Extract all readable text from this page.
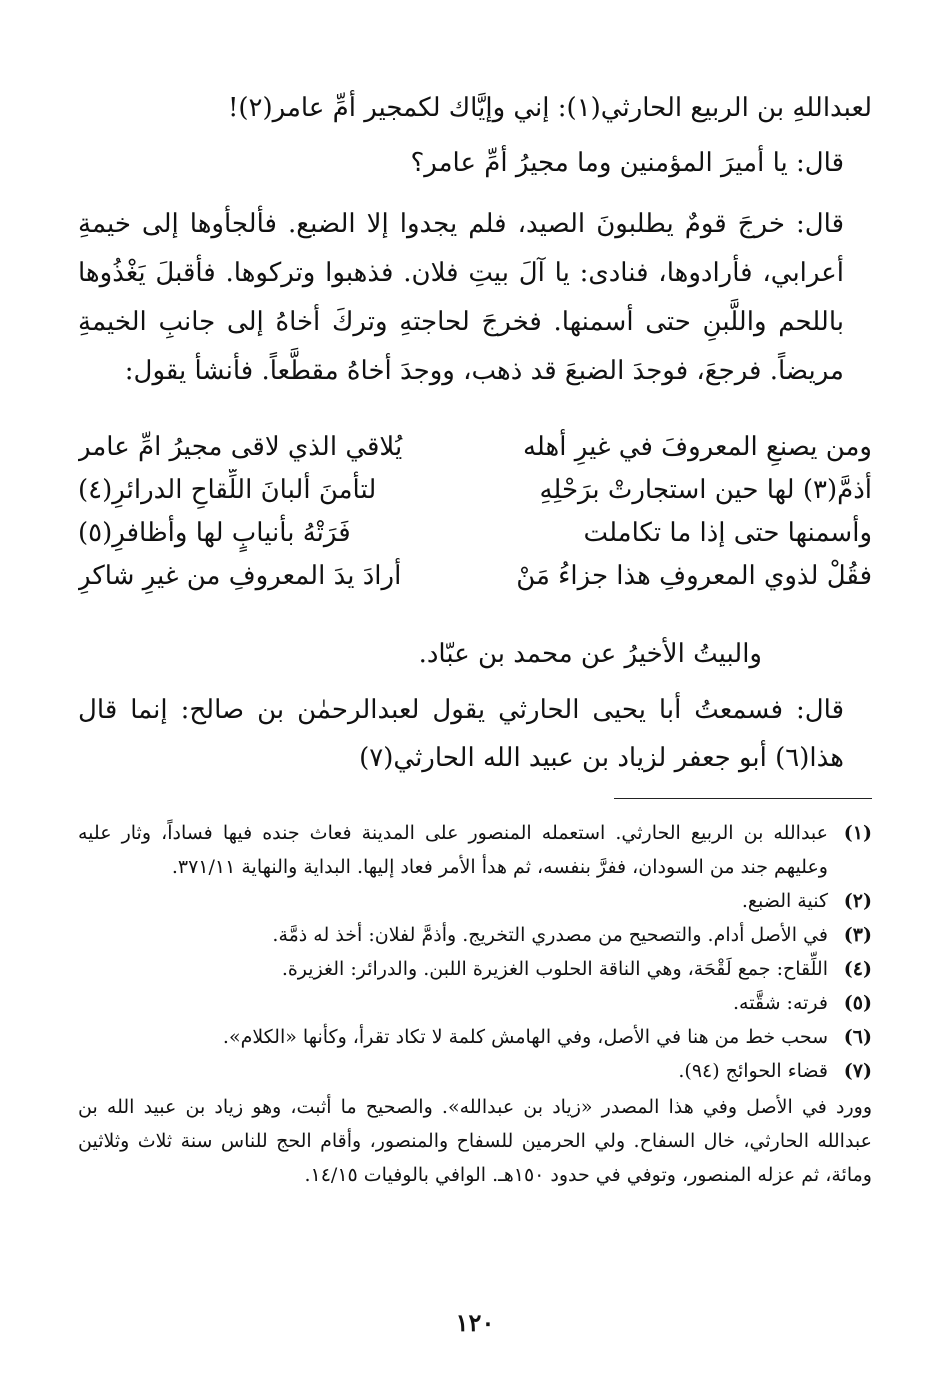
لعبداللهِ بن الربيع الحارثي(١): إني وإيَّاك لكمجير أمِّ عامر(٢)!

قال: يا أميرَ المؤمنين وما مجيرُ أمِّ عامر؟

قال: خرجَ قومٌ يطلبونَ الصيد، فلم يجدوا إلا الضبع. فألجأوها إلى خيمةِ أعرابي، فأرادوها، فنادى: يا آلَ بيتِ فلان. فذهبوا وتركوها. فأقبلَ يَغْذُوها باللحم واللَّبنِ حتى أسمنها. فخرجَ لحاجتهِ وتركَ أخاهُ إلى جانبِ الخيمةِ مريضاً. فرجعَ، فوجدَ الضبعَ قد ذهب، ووجدَ أخاهُ مقطَّعاً. فأنشأ يقول:

ومن يصنعِ المعروفَ في غيرِ أهله
يُلاقي الذي لاقى مجيرُ امِّ عامر
أذمَّ(٣) لها حين استجارتْ برَحْلِهِ
لتأمنَ ألبانَ اللِّقاحِ الدرائرِ(٤)
وأسمنها حتى إذا ما تكاملت
فَرَتْهُ بأنيابٍ لها وأظافرِ(٥)
فقُلْ لذوي المعروفِ هذا جزاءُ مَنْ
أرادَ يدَ المعروفِ من غيرِ شاكرِ

والبيتُ الأخيرُ عن محمد بن عبّاد.

قال: فسمعتُ أبا يحيى الحارثي يقول لعبدالرحمٰن بن صالح: إنما قال هذا(٦) أبو جعفر لزياد بن عبيد الله الحارثي(٧)

(١)
عبدالله بن الربيع الحارثي. استعمله المنصور على المدينة فعاث جنده فيها فساداً، وثار عليه وعليهم جند من السودان، ففرَّ بنفسه، ثم هدأ الأمر فعاد إليها. البداية والنهاية ٣٧١/١١.
(٢)
كنية الضبع.
(٣)
في الأصل أدام. والتصحيح من مصدري التخريج. وأذمَّ لفلان: أخذ له ذمَّة.
(٤)
اللِّقاح: جمع لَقْحَة، وهي الناقة الحلوب الغزيرة اللبن. والدرائر: الغزيرة.
(٥)
فرته: شقَّته.
(٦)
سحب خط من هنا في الأصل، وفي الهامش كلمة لا تكاد تقرأ، وكأنها «الكلام».
(٧)
قضاء الحوائج (٩٤).
وورد في الأصل وفي هذا المصدر «زياد بن عبدالله». والصحيح ما أثبت، وهو زياد بن عبيد الله بن عبدالله الحارثي، خال السفاح. ولي الحرمين للسفاح والمنصور، وأقام الحج للناس سنة ثلاث وثلاثين ومائة، ثم عزله المنصور، وتوفي في حدود ١٥٠هـ. الوافي بالوفيات ١٤/١٥.
١٢٠
